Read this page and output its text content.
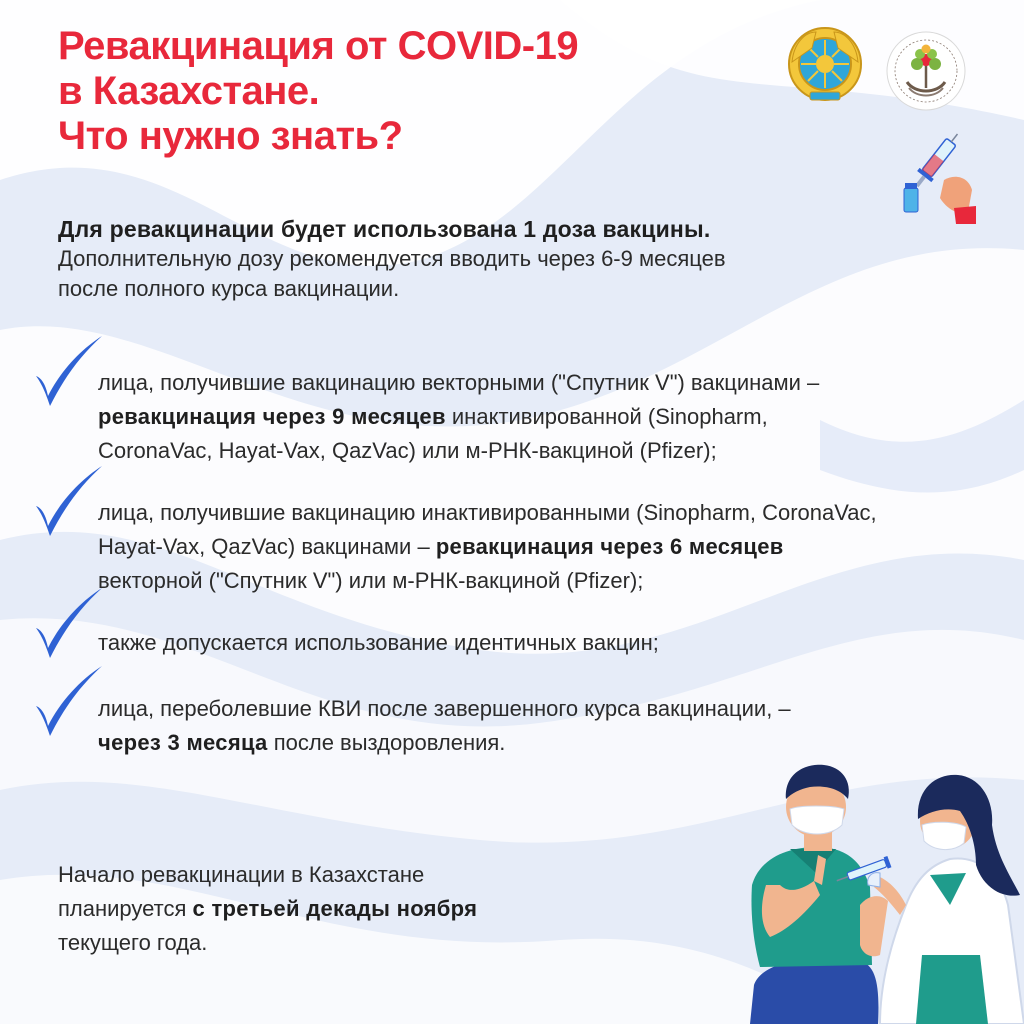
Ревакцинация от COVID-19
в Казахстане.
Что нужно знать?
Для ревакцинации будет использована 1 доза вакцины.
Дополнительную дозу рекомендуется вводить через 6-9 месяцев
после полного курса вакцинации.
лица, получившие вакцинацию векторными ("Спутник V") вакцинами –
ревакцинация через 9 месяцев инактивированной (Sinopharm,
CoronaVac, Hayat-Vax, QazVac) или м-РНК-вакциной (Pfizer);
лица, получившие вакцинацию инактивированными (Sinopharm, CoronaVac,
Hayat-Vax, QazVac) вакцинами – ревакцинация через 6 месяцев
векторной ("Спутник V") или м-РНК-вакциной (Pfizer);
также допускается использование идентичных вакцин;
лица, переболевшие КВИ после завершенного курса вакцинации, –
через 3 месяца после выздоровления.
Начало ревакцинации в Казахстане
планируется с третьей декады ноября
текущего года.
